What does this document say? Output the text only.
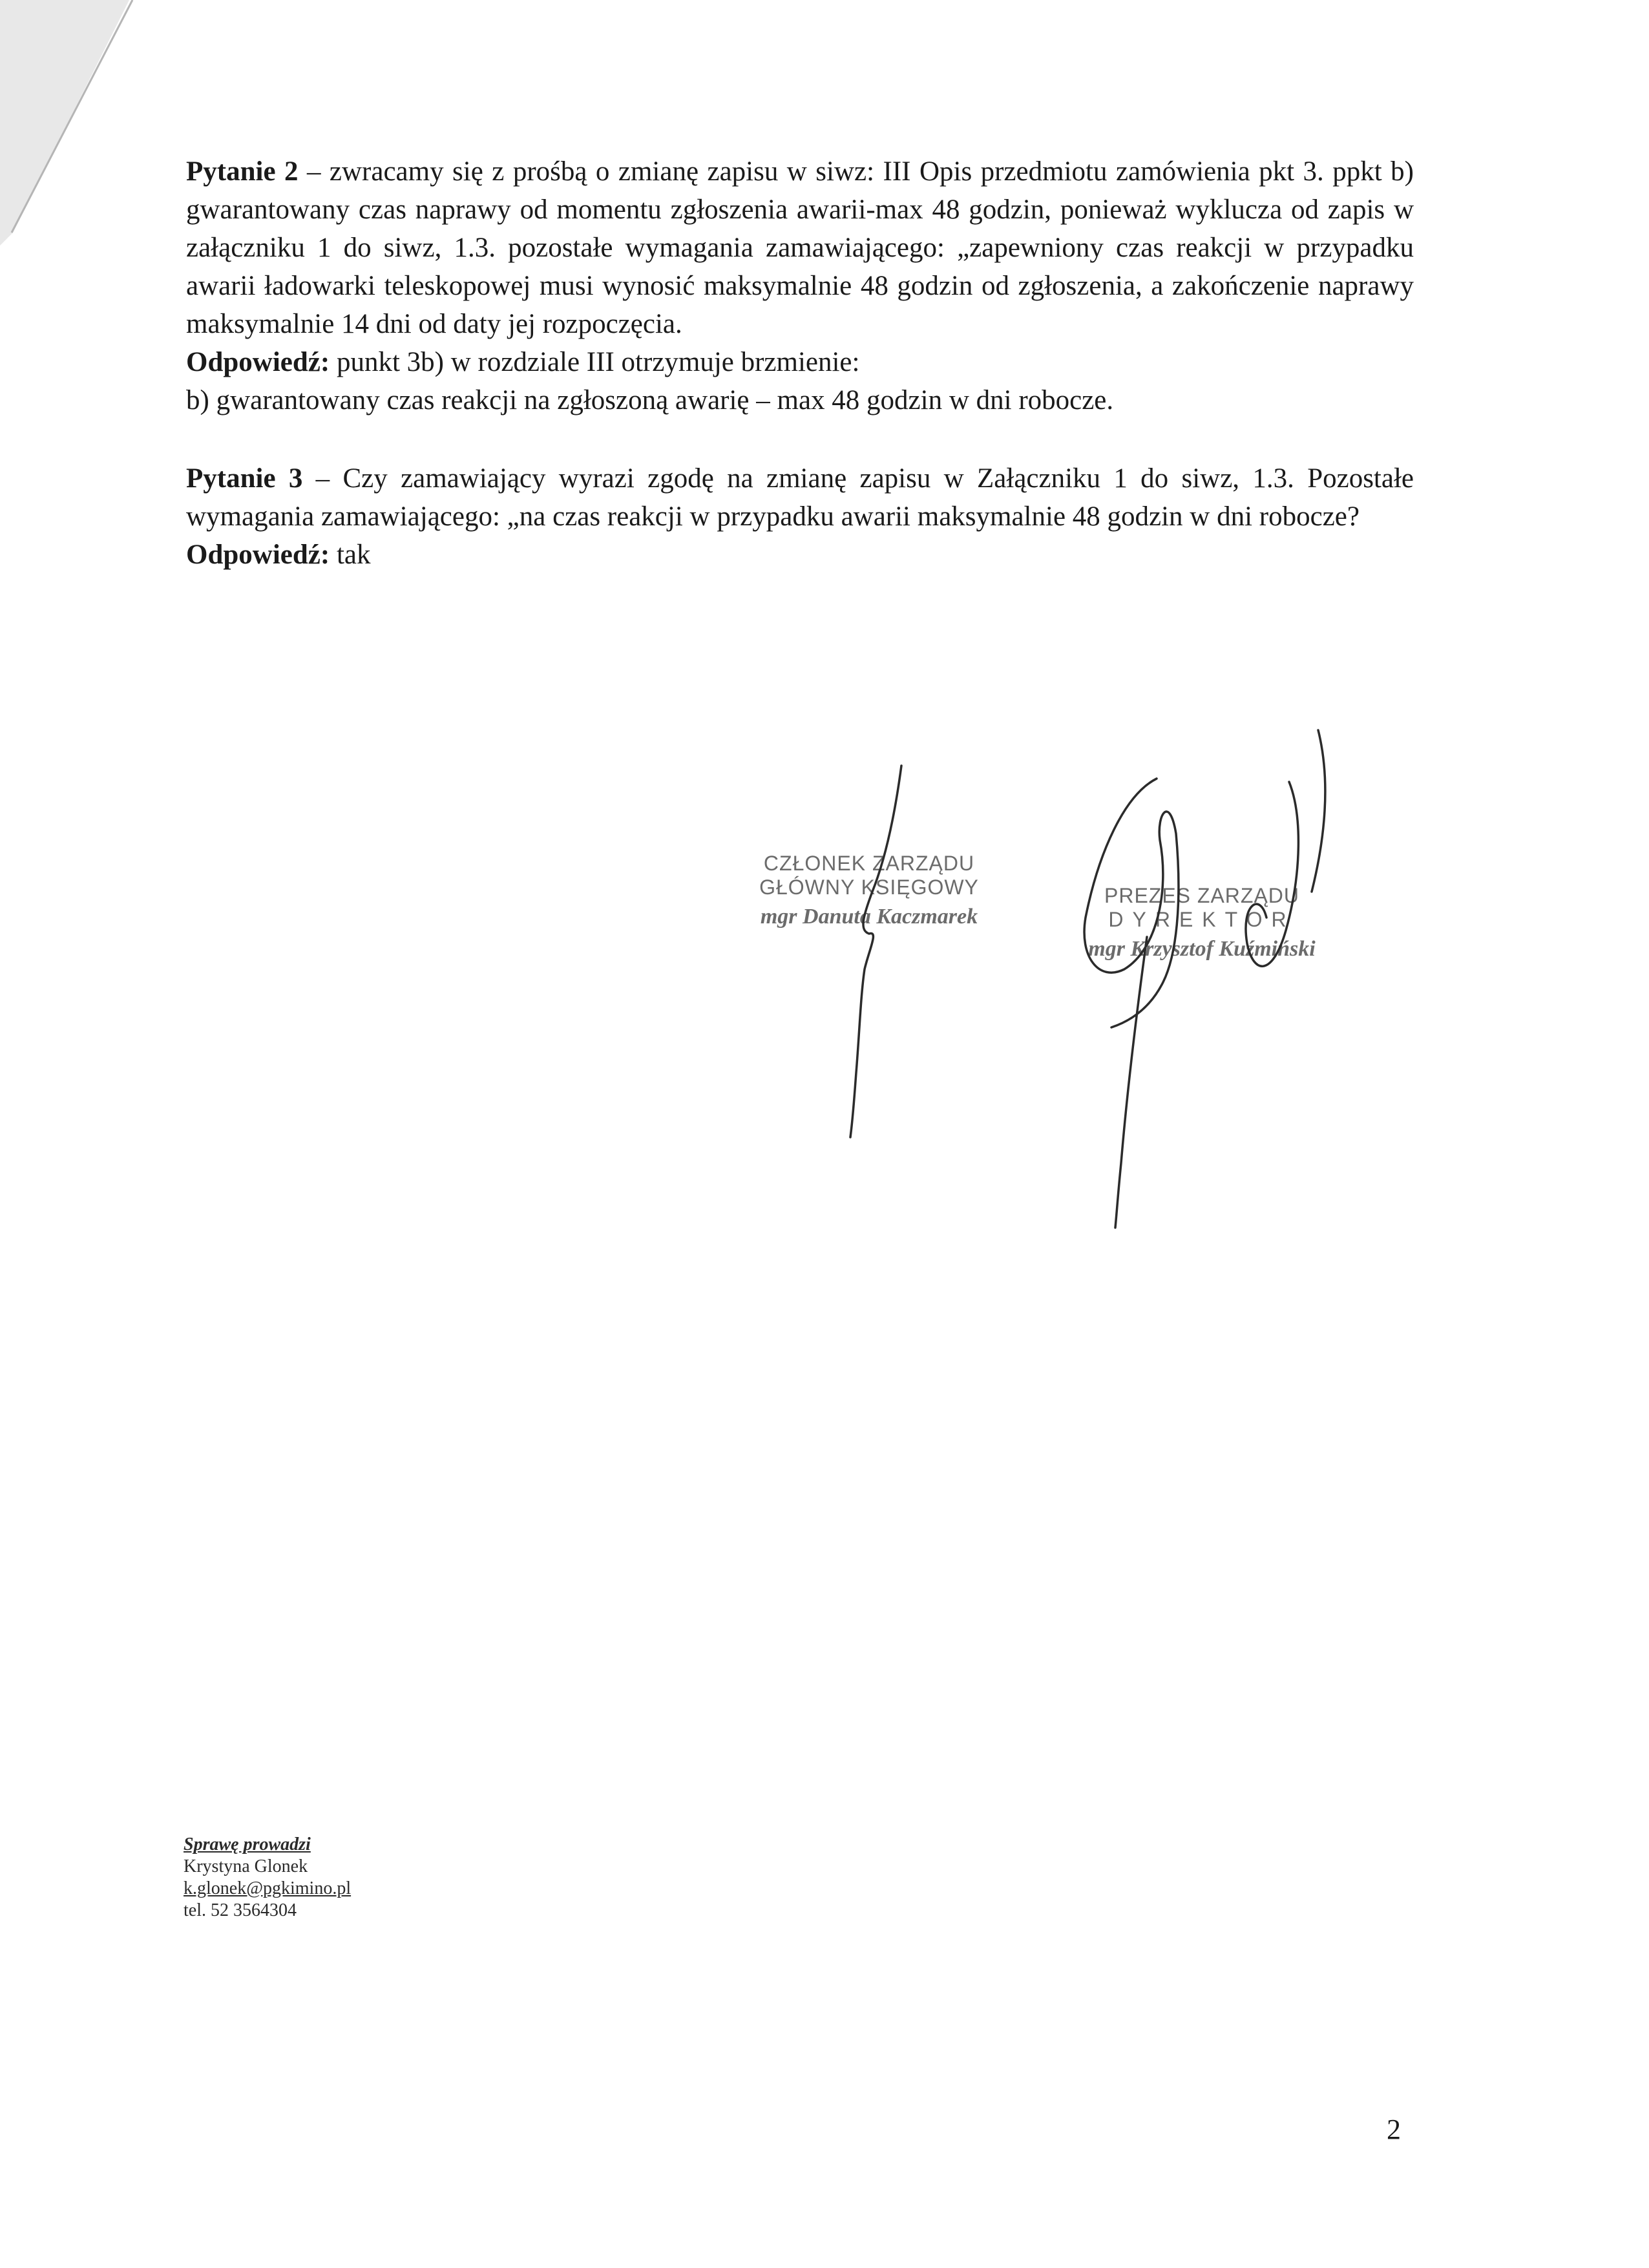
Pytanie 2 – zwracamy się z prośbą o zmianę zapisu w siwz: III Opis przedmiotu zamówienia pkt 3. ppkt b) gwarantowany czas naprawy od momentu zgłoszenia awarii-max 48 godzin, ponieważ wyklucza od zapis w załączniku 1 do siwz, 1.3. pozostałe wymagania zamawiającego: „zapewniony czas reakcji w przypadku awarii ładowarki teleskopowej musi wynosić maksymalnie 48 godzin od zgłoszenia, a zakończenie naprawy maksymalnie 14 dni od daty jej rozpoczęcia.

Odpowiedź: punkt 3b) w rozdziale III otrzymuje brzmienie:

b) gwarantowany czas reakcji na zgłoszoną awarię – max 48 godzin w dni robocze.

Pytanie 3 – Czy zamawiający wyrazi zgodę na zmianę zapisu w Załączniku 1 do siwz, 1.3. Pozostałe wymagania zamawiającego: „na czas reakcji w przypadku awarii maksymalnie 48 godzin w dni robocze?

Odpowiedź: tak

CZŁONEK ZARZĄDU
GŁÓWNY KSIĘGOWY
mgr Danuta Kaczmarek
PREZES ZARZĄDU
DYREKTOR
mgr Krzysztof Kuźmiński
Sprawę prowadzi
Krystyna Glonek
k.glonek@pgkimino.pl
tel. 52 3564304
2
